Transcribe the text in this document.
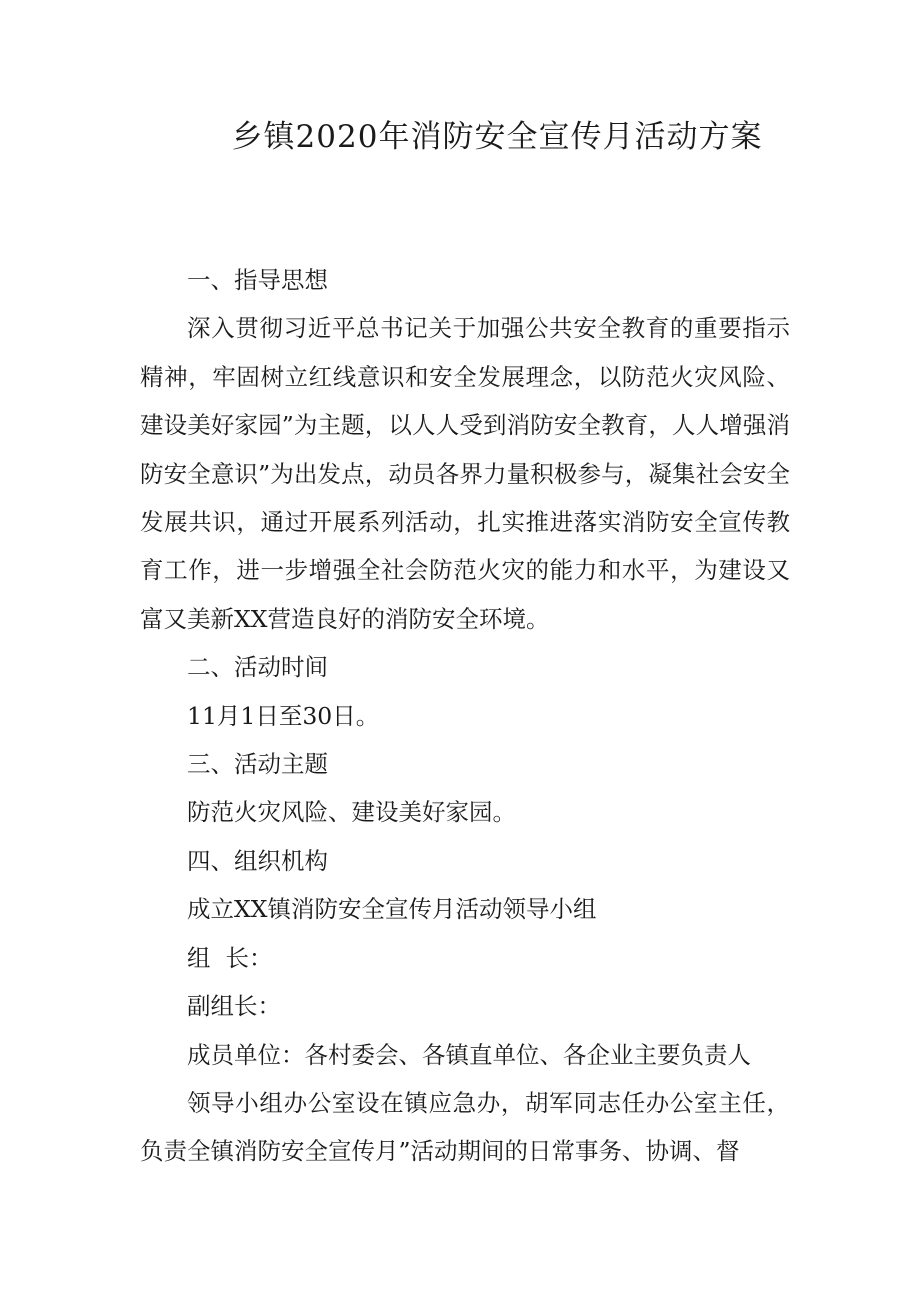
乡镇2020年消防安全宣传月活动方案

一、指导思想

深入贯彻习近平总书记关于加强公共安全教育的重要指示精神，牢固树立红线意识和安全发展理念，以防范火灾风险、建设美好家园”为主题，以人人受到消防安全教育，人人增强消防安全意识”为出发点，动员各界力量积极参与，凝集社会安全发展共识，通过开展系列活动，扎实推进落实消防安全宣传教育工作，进一步增强全社会防范火灾的能力和水平，为建设又富又美新XX营造良好的消防安全环境。

二、活动时间

11月1日至30日。

三、活动主题

防范火灾风险、建设美好家园。

四、组织机构

成立XX镇消防安全宣传月活动领导小组

组  长：

副组长：

成员单位：各村委会、各镇直单位、各企业主要负责人

领导小组办公室设在镇应急办，胡军同志任办公室主任，负责全镇消防安全宣传月”活动期间的日常事务、协调、督
